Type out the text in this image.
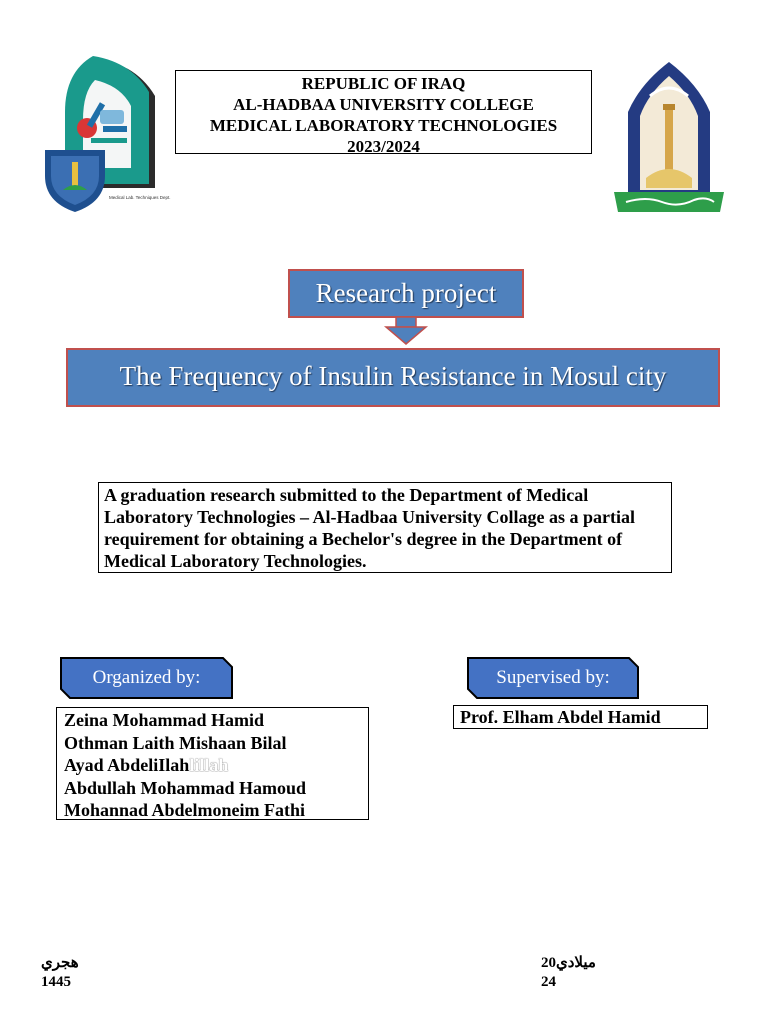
Medical Lab. Techniques Dept.
REPUBLIC OF IRAQ
AL-HADBAA UNIVERSITY COLLEGE
MEDICAL LABORATORY TECHNOLOGIES
2023/2024
Research project
The Frequency of Insulin Resistance in Mosul city
A graduation research submitted to the Department of Medical Laboratory Technologies – Al-Hadbaa University Collage as a partial requirement for obtaining a Bechelor's degree in the Department of Medical Laboratory Technologies.
Organized by:	Supervised by:
Zeina Mohammad Hamid
Othman Laith Mishaan Bilal
Ayad AbdeliIlahlillah
Abdullah Mohammad Hamoud
Mohannad Abdelmoneim Fathi
Prof. Elham Abdel Hamid
هجري
1445
20ميلادي
24
